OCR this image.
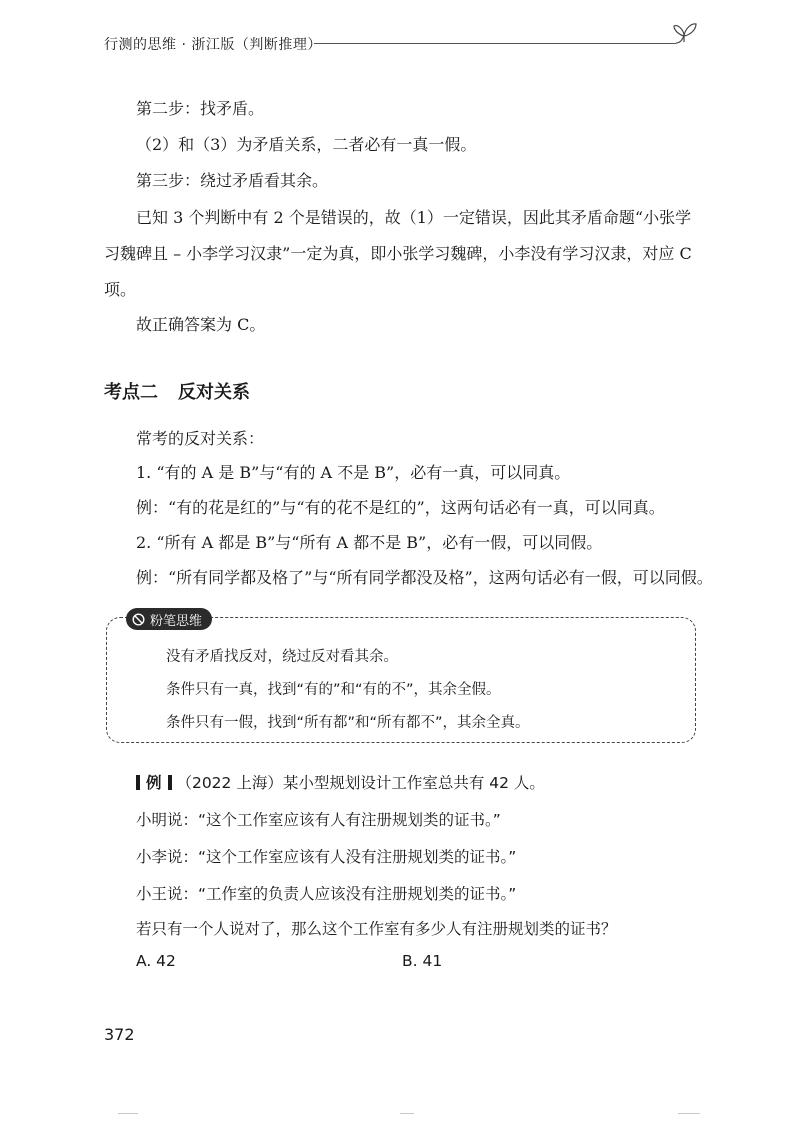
行测的思维 · 浙江版（判断推理）
第二步：找矛盾。
（2）和（3）为矛盾关系，二者必有一真一假。
第三步：绕过矛盾看其余。
已知 3 个判断中有 2 个是错误的，故（1）一定错误，因此其矛盾命题“小张学习魏碑且 – 小李学习汉隶”一定为真，即小张学习魏碑，小李没有学习汉隶，对应 C 项。
故正确答案为 C。
考点二 反对关系
常考的反对关系：
1. “有的 A 是 B”与“有的 A 不是 B”，必有一真，可以同真。
例：“有的花是红的”与“有的花不是红的”，这两句话必有一真，可以同真。
2. “所有 A 都是 B”与“所有 A 都不是 B”，必有一假，可以同假。
例：“所有同学都及格了”与“所有同学都没及格”，这两句话必有一假，可以同假。
粉笔思维
没有矛盾找反对，绕过反对看其余。
条件只有一真，找到“有的”和“有的不”，其余全假。
条件只有一假，找到“所有都”和“所有都不”，其余全真。
例 （2022 上海）某小型规划设计工作室总共有 42 人。
小明说：“这个工作室应该有人有注册规划类的证书。”
小李说：“这个工作室应该有人没有注册规划类的证书。”
小王说：“工作室的负责人应该没有注册规划类的证书。”
若只有一个人说对了，那么这个工作室有多少人有注册规划类的证书？
A. 42	B. 41
372
